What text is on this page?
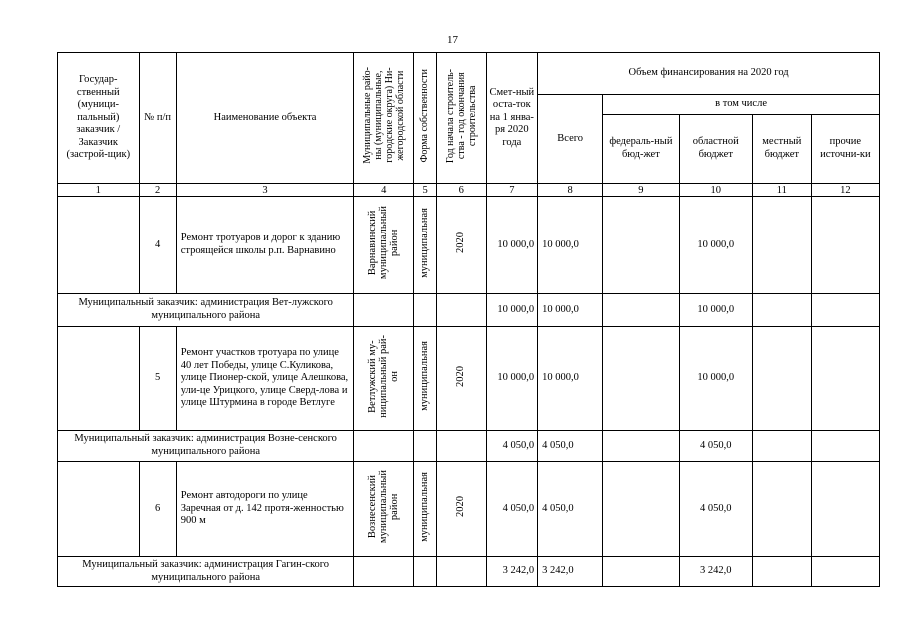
17
Государ-ственный (муници-пальный) заказчик / Заказчик (застрой-щик)	№ п/п	Наименование объекта	Муниципальные райо-
ны (муниципальные,
городские округа) Ни-
жегородской области	Форма собственности	Год начала строитель-
ства - год окончания
строительства	Смет-ный оста-ток на 1 янва-ря 2020 года	Объем финансирования на 2020 год				
							Всего	в том числе			
								федераль-ный бюд-жет	областной бюджет	местный бюджет	прочие источни-ки
1	2	3	4	5	6	7	8	9	10	11	12
	4	Ремонт тротуаров и дорог к зданию строящейся школы р.п. Варнавино	Варнавинский
муниципальный
район	муниципальная	2020	10 000,0	10 000,0		10 000,0		
Муниципальный заказчик: администрация Вет-лужского муниципального района						10 000,0	10 000,0		10 000,0		
	5	Ремонт участков тротуара по улице 40 лет Победы, улице С.Куликова, улице Пионер-ской, улице Алешкова, ули-це Урицкого, улице Сверд-лова и улице Штурмина в городе Ветлуге	Ветлужский му-
ниципальный рай-
он	муниципальная	2020	10 000,0	10 000,0		10 000,0		
Муниципальный заказчик: администрация Возне-сенского муниципального района						4 050,0	4 050,0		4 050,0		
	6	Ремонт автодороги по улице Заречная от д. 142 протя-женностью 900 м	Вознесенский
муниципальный
район	муниципальная	2020	4 050,0	4 050,0		4 050,0		
Муниципальный заказчик: администрация Гагин-ского муниципального района						3 242,0	3 242,0		3 242,0		
